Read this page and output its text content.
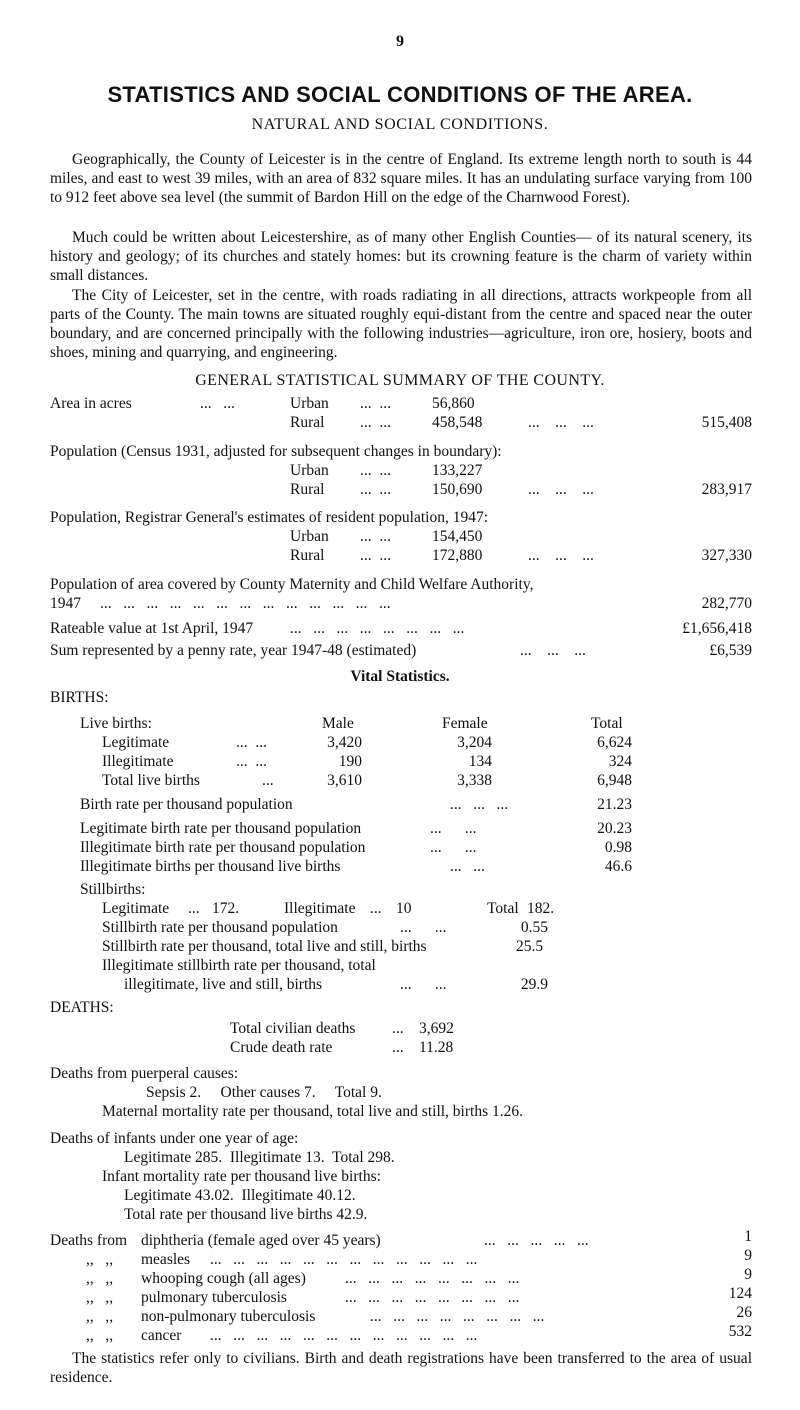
9
STATISTICS AND SOCIAL CONDITIONS OF THE AREA.
NATURAL AND SOCIAL CONDITIONS.
Geographically, the County of Leicester is in the centre of England. Its extreme length north to south is 44 miles, and east to west 39 miles, with an area of 832 square miles. It has an undulating surface varying from 100 to 912 feet above sea level (the summit of Bardon Hill on the edge of the Charnwood Forest).
Much could be written about Leicestershire, as of many other English Counties— of its natural scenery, its history and geology; of its churches and stately homes: but its crowning feature is the charm of variety within small distances.
The City of Leicester, set in the centre, with roads radiating in all directions, attracts workpeople from all parts of the County. The main towns are situated roughly equi-distant from the centre and spaced near the outer boundary, and are concerned principally with the following industries—agriculture, iron ore, hosiery, boots and shoes, mining and quarrying, and engineering.
GENERAL STATISTICAL SUMMARY OF THE COUNTY.
Area in acres	...   ...	Urban ...  ...	56,860
Rural ...  ...	458,548	...    ...    ...	515,408
Population (Census 1931, adjusted for subsequent changes in boundary):
Urban ...  ...	133,227
Rural ...  ...	150,690	...    ...    ...	283,917
Population, Registrar General's estimates of resident population, 1947:
Urban ...  ...	154,450
Rural ...  ...	172,880	...    ...    ...	327,330
Population of area covered by County Maternity and Child Welfare Authority,
1947 ...   ...   ...   ...   ...   ...   ...   ...   ...   ...   ...   ...   ...	282,770
Rateable value at 1st April, 1947 ...   ...   ...   ...   ...   ...   ...   ...	£1,656,418
Sum represented by a penny rate, year 1947-48 (estimated)	...    ...    ...	£6,539
Vital Statistics.
BIRTHS:
Live births:	Male	Female	Total
Legitimate	...  ...	3,420	3,204	6,624
Illegitimate	...  ...	190	134	324
Total live births	...	3,610	3,338	6,948
Birth rate per thousand population	...   ...   ...	21.23
Legitimate birth rate per thousand population	...      ...	20.23
Illegitimate birth rate per thousand population	...      ...	0.98
Illegitimate births per thousand live births	...   ...	46.6
Stillbirths:
Legitimate ... 172.	Illegitimate ... 10	Total 182.
Stillbirth rate per thousand population	...      ...	0.55
Stillbirth rate per thousand, total live and still, births	25.5
Illegitimate stillbirth rate per thousand, total
illegitimate, live and still, births	...      ...	29.9
DEATHS:
Total civilian deaths ... 3,692
Crude death rate	... 11.28
Deaths from puerperal causes:
Sepsis 2.     Other causes 7.     Total 9.
Maternal mortality rate per thousand, total live and still, births 1.26.
Deaths of infants under one year of age:
Legitimate 285.  Illegitimate 13.  Total 298.
Infant mortality rate per thousand live births:
Legitimate 43.02.  Illegitimate 40.12.
Total rate per thousand live births 42.9.
Deaths from diphtheria (female aged over 45 years)	...   ...   ...   ...   ...	1
,,   ,, measles ...   ...   ...   ...   ...   ...   ...   ...   ...   ...   ...   ...	9
,,   ,, whooping cough (all ages)	...   ...   ...   ...   ...   ...   ...   ...	9
,,   ,, pulmonary tuberculosis	...   ...   ...   ...   ...   ...   ...   ...	124
,,   ,, non-pulmonary tuberculosis	...   ...   ...   ...   ...   ...   ...   ...	26
,,   ,, cancer ...   ...   ...   ...   ...   ...   ...   ...   ...   ...   ...   ...	532
The statistics refer only to civilians. Birth and death registrations have been transferred to the area of usual residence.
